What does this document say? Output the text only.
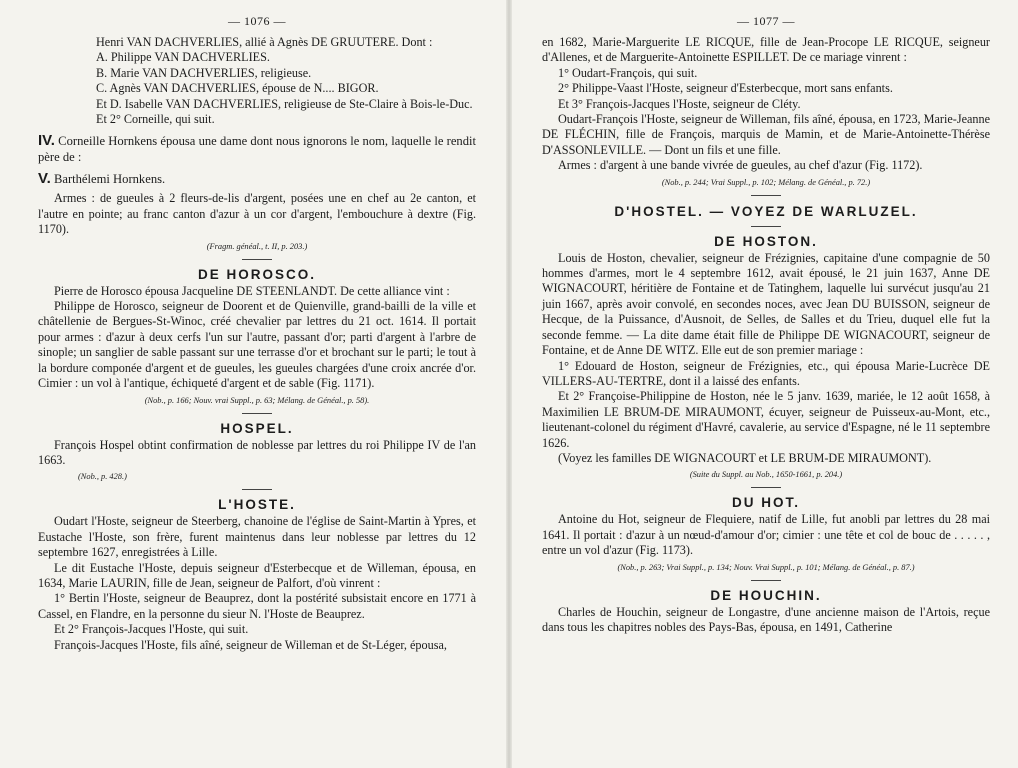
— 1076 —

Henri VAN DACHVERLIES, allié à Agnès DE GRUUTERE. Dont :

A. Philippe VAN DACHVERLIES.

B. Marie VAN DACHVERLIES, religieuse.

C. Agnès VAN DACHVERLIES, épouse de N.... BIGOR.

Et D. Isabelle VAN DACHVERLIES, religieuse de Ste-Claire à Bois-le-Duc.

Et 2° Corneille, qui suit.

IV. Corneille Hornkens épousa une dame dont nous ignorons le nom, laquelle le rendit père de :

V. Barthélemi Hornkens.

Armes : de gueules à 2 fleurs-de-lis d'argent, posées une en chef au 2e canton, et l'autre en pointe; au franc canton d'azur à un cor d'argent, l'embouchure à dextre (Fig. 1170).

(Fragm. généal., t. II, p. 203.)
DE HOROSCO.

Pierre de Horosco épousa Jacqueline DE STEENLANDT. De cette alliance vint :

Philippe de Horosco, seigneur de Doorent et de Quienville, grand-bailli de la ville et châtellenie de Bergues-St-Winoc, créé chevalier par lettres du 21 oct. 1614. Il portait pour armes : d'azur à deux cerfs l'un sur l'autre, passant d'or; parti d'argent à l'arbre de sinople; un sanglier de sable passant sur une terrasse d'or et brochant sur le parti; le tout à la bordure componée d'argent et de gueules, les gueules chargées d'une croix ancrée d'or. Cimier : un vol à l'antique, échiqueté d'argent et de sable (Fig. 1171).

(Nob., p. 166; Nouv. vrai Suppl., p. 63; Mélang. de Généal., p. 58).
HOSPEL.

François Hospel obtint confirmation de noblesse par lettres du roi Philippe IV de l'an 1663.

(Nob., p. 428.)
L'HOSTE.

Oudart l'Hoste, seigneur de Steerberg, chanoine de l'église de Saint-Martin à Ypres, et Eustache l'Hoste, son frère, furent maintenus dans leur noblesse par lettres du 12 septembre 1627, enregistrées à Lille.

Le dit Eustache l'Hoste, depuis seigneur d'Esterbecque et de Willeman, épousa, en 1634, Marie LAURIN, fille de Jean, seigneur de Palfort, d'où vinrent :

1° Bertin l'Hoste, seigneur de Beauprez, dont la postérité subsistait encore en 1771 à Cassel, en Flandre, en la personne du sieur N. l'Hoste de Beauprez.

Et 2° François-Jacques l'Hoste, qui suit.

François-Jacques l'Hoste, fils aîné, seigneur de Willeman et de St-Léger, épousa,

— 1077 —

en 1682, Marie-Marguerite LE RICQUE, fille de Jean-Procope LE RICQUE, seigneur d'Allenes, et de Marguerite-Antoinette ESPILLET. De ce mariage vinrent :

1° Oudart-François, qui suit.

2° Philippe-Vaast l'Hoste, seigneur d'Esterbecque, mort sans enfants.

Et 3° François-Jacques l'Hoste, seigneur de Cléty.

Oudart-François l'Hoste, seigneur de Willeman, fils aîné, épousa, en 1723, Marie-Jeanne DE FLÉCHIN, fille de François, marquis de Mamin, et de Marie-Antoinette-Thérèse D'ASSONLEVILLE. — Dont un fils et une fille.

Armes : d'argent à une bande vivrée de gueules, au chef d'azur (Fig. 1172).

(Nob., p. 244; Vrai Suppl., p. 102; Mélang. de Généal., p. 72.)
D'HOSTEL. — VOYEZ DE WARLUZEL.
DE HOSTON.

Louis de Hoston, chevalier, seigneur de Frézignies, capitaine d'une compagnie de 50 hommes d'armes, mort le 4 septembre 1612, avait épousé, le 21 juin 1637, Anne DE WIGNACOURT, héritière de Fontaine et de Tatinghem, laquelle lui survécut jusqu'au 21 juin 1667, après avoir convolé, en secondes noces, avec Jean DU BUISSON, seigneur de Hecque, de la Puissance, d'Ausnoit, de Selles, de Salles et du Trieu, duquel elle fut la seconde femme. — La dite dame était fille de Philippe DE WIGNACOURT, seigneur de Fontaine, et de Anne DE WITZ. Elle eut de son premier mariage :

1° Edouard de Hoston, seigneur de Frézignies, etc., qui épousa Marie-Lucrèce DE VILLERS-AU-TERTRE, dont il a laissé des enfants.

Et 2° Françoise-Philippine de Hoston, née le 5 janv. 1639, mariée, le 12 août 1658, à Maximilien LE BRUM-DE MIRAUMONT, écuyer, seigneur de Puisseux-au-Mont, etc., lieutenant-colonel du régiment d'Havré, cavalerie, au service d'Espagne, né le 11 septembre 1626.

(Voyez les familles DE WIGNACOURT et LE BRUM-DE MIRAUMONT).

(Suite du Suppl. au Nob., 1650-1661, p. 204.)
DU HOT.

Antoine du Hot, seigneur de Flequiere, natif de Lille, fut anobli par lettres du 28 mai 1641. Il portait : d'azur à un nœud-d'amour d'or; cimier : une tête et col de bouc de . . . . . , entre un vol d'azur (Fig. 1173).

(Nob., p. 263; Vrai Suppl., p. 134; Nouv. Vrai Suppl., p. 101; Mélang. de Généal., p. 87.)
DE HOUCHIN.

Charles de Houchin, seigneur de Longastre, d'une ancienne maison de l'Artois, reçue dans tous les chapitres nobles des Pays-Bas, épousa, en 1491, Catherine
